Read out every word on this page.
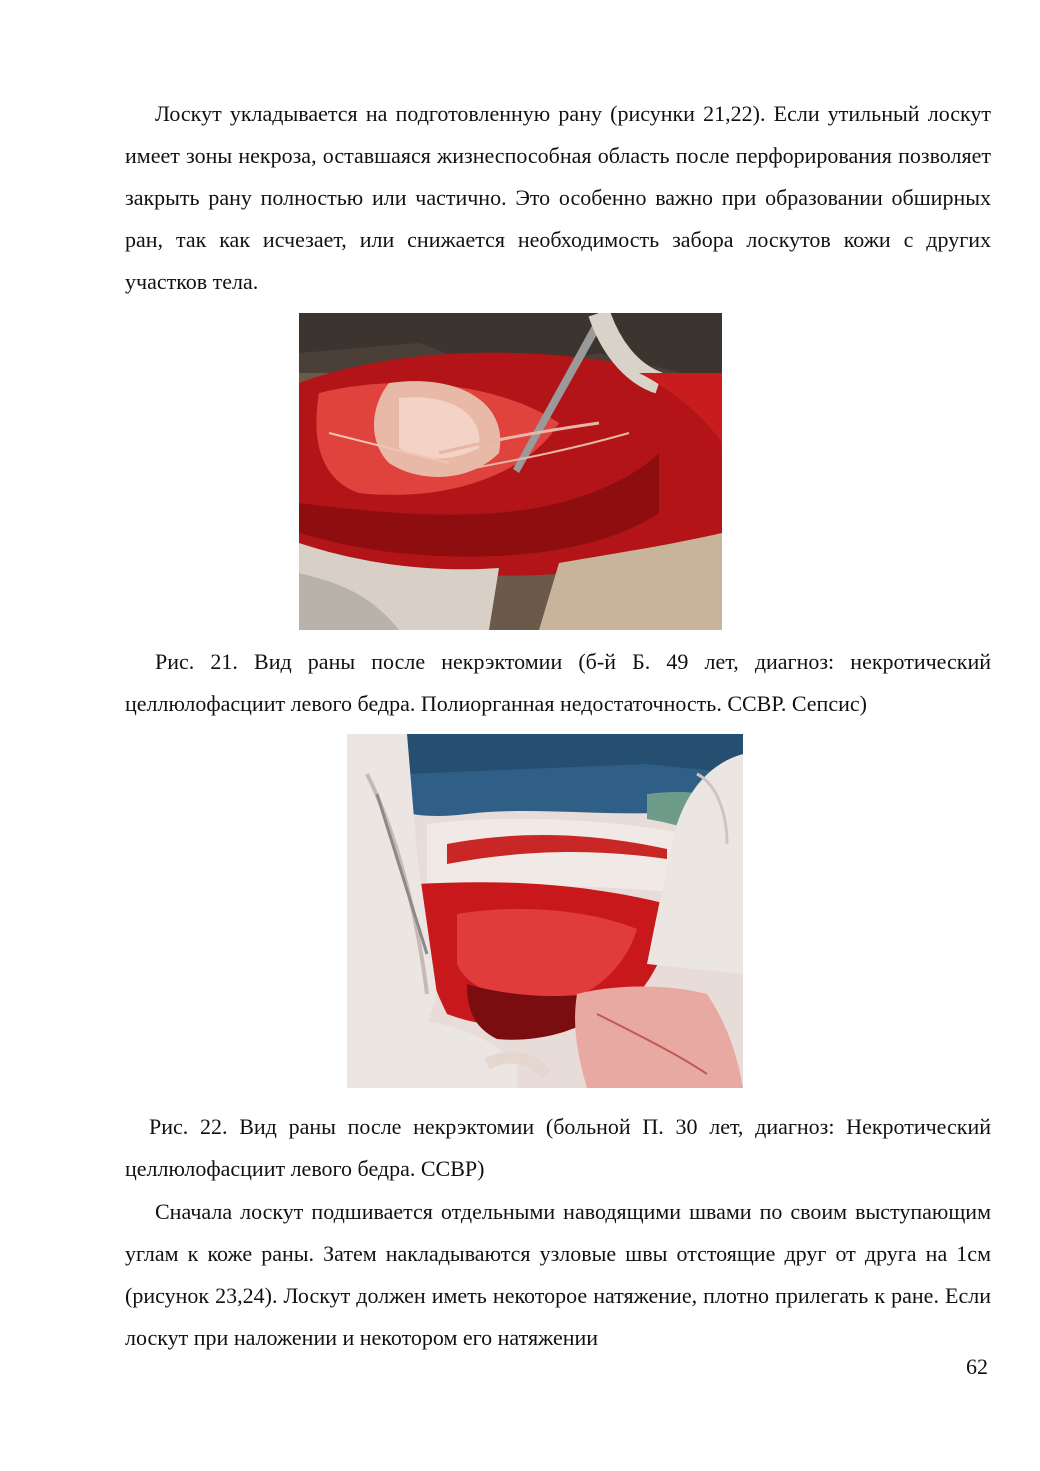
Лоскут укладывается на подготовленную рану (рисунки 21,22). Если утильный лоскут имеет зоны некроза, оставшаяся жизнеспособная область после перфорирования позволяет закрыть рану полностью или частично. Это особенно важно при образовании обширных ран, так как исчезает, или снижается необходимость забора лоскутов кожи с других участков тела.

Рис. 21. Вид раны после некрэктомии (б-й Б. 49 лет, диагноз: некротический целлюлофасциит левого бедра. Полиорганная недостаточность. ССВР. Сепсис)

Рис. 22. Вид раны после некрэктомии (больной П. 30 лет, диагноз: Некротический целлюлофасциит левого бедра. ССВР)

Сначала лоскут подшивается отдельными наводящими швами по своим выступающим углам к коже раны. Затем накладываются узловые швы отстоящие друг от друга на 1см (рисунок 23,24). Лоскут должен иметь некоторое натяжение, плотно прилегать к ране. Если лоскут при наложении и некотором его натяжении

62
